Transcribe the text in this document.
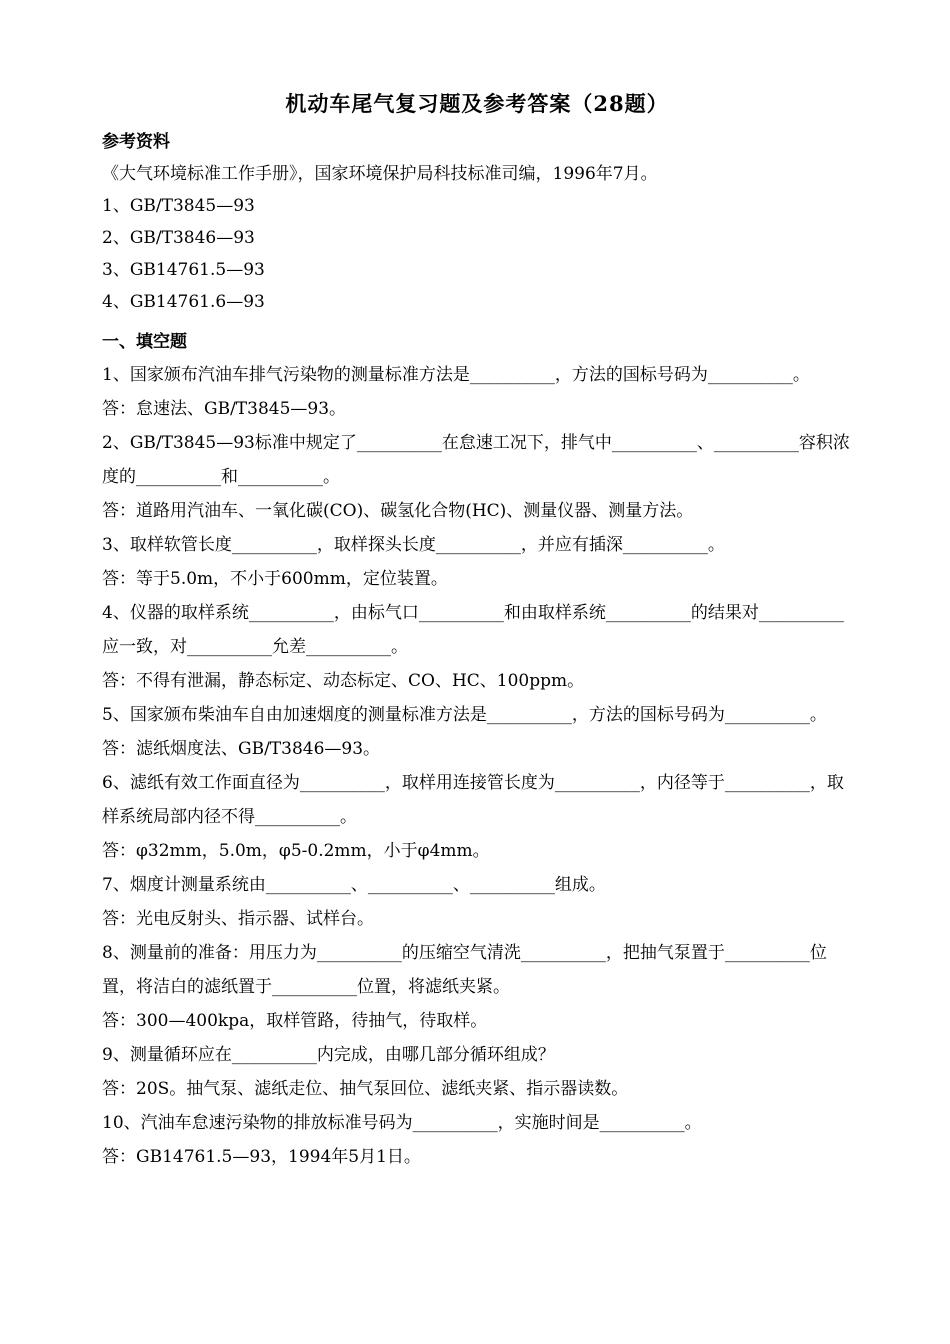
机动车尾气复习题及参考答案（28题）
参考资料
《大气环境标准工作手册》，国家环境保护局科技标准司编，1996年7月。
1、GB/T3845—93
2、GB/T3846—93
3、GB14761.5—93
4、GB14761.6—93
一、填空题
1、国家颁布汽油车排气污染物的测量标准方法是__________，方法的国标号码为__________。
答：怠速法、GB/T3845—93。
2、GB/T3845—93标准中规定了__________在怠速工况下，排气中__________、__________容积浓度的__________和__________。
答：道路用汽油车、一氧化碳(CO)、碳氢化合物(HC)、测量仪器、测量方法。
3、取样软管长度__________，取样探头长度__________，并应有插深__________。
答：等于5.0m，不小于600mm，定位装置。
4、仪器的取样系统__________，由标气口__________和由取样系统__________的结果对__________应一致，对__________允差__________。
答：不得有泄漏，静态标定、动态标定、CO、HC、100ppm。
5、国家颁布柴油车自由加速烟度的测量标准方法是__________，方法的国标号码为__________。
答：滤纸烟度法、GB/T3846—93。
6、滤纸有效工作面直径为__________，取样用连接管长度为__________，内径等于__________，取样系统局部内径不得__________。
答：φ32mm，5.0m，φ5-0.2mm，小于φ4mm。
7、烟度计测量系统由__________、__________、__________组成。
答：光电反射头、指示器、试样台。
8、测量前的准备：用压力为__________的压缩空气清洗__________，把抽气泵置于__________位置，将洁白的滤纸置于__________位置，将滤纸夹紧。
答：300—400kpa，取样管路，待抽气，待取样。
9、测量循环应在__________内完成，由哪几部分循环组成？
答：20S。抽气泵、滤纸走位、抽气泵回位、滤纸夹紧、指示器读数。
10、汽油车怠速污染物的排放标准号码为__________，实施时间是__________。
答：GB14761.5—93，1994年5月1日。
